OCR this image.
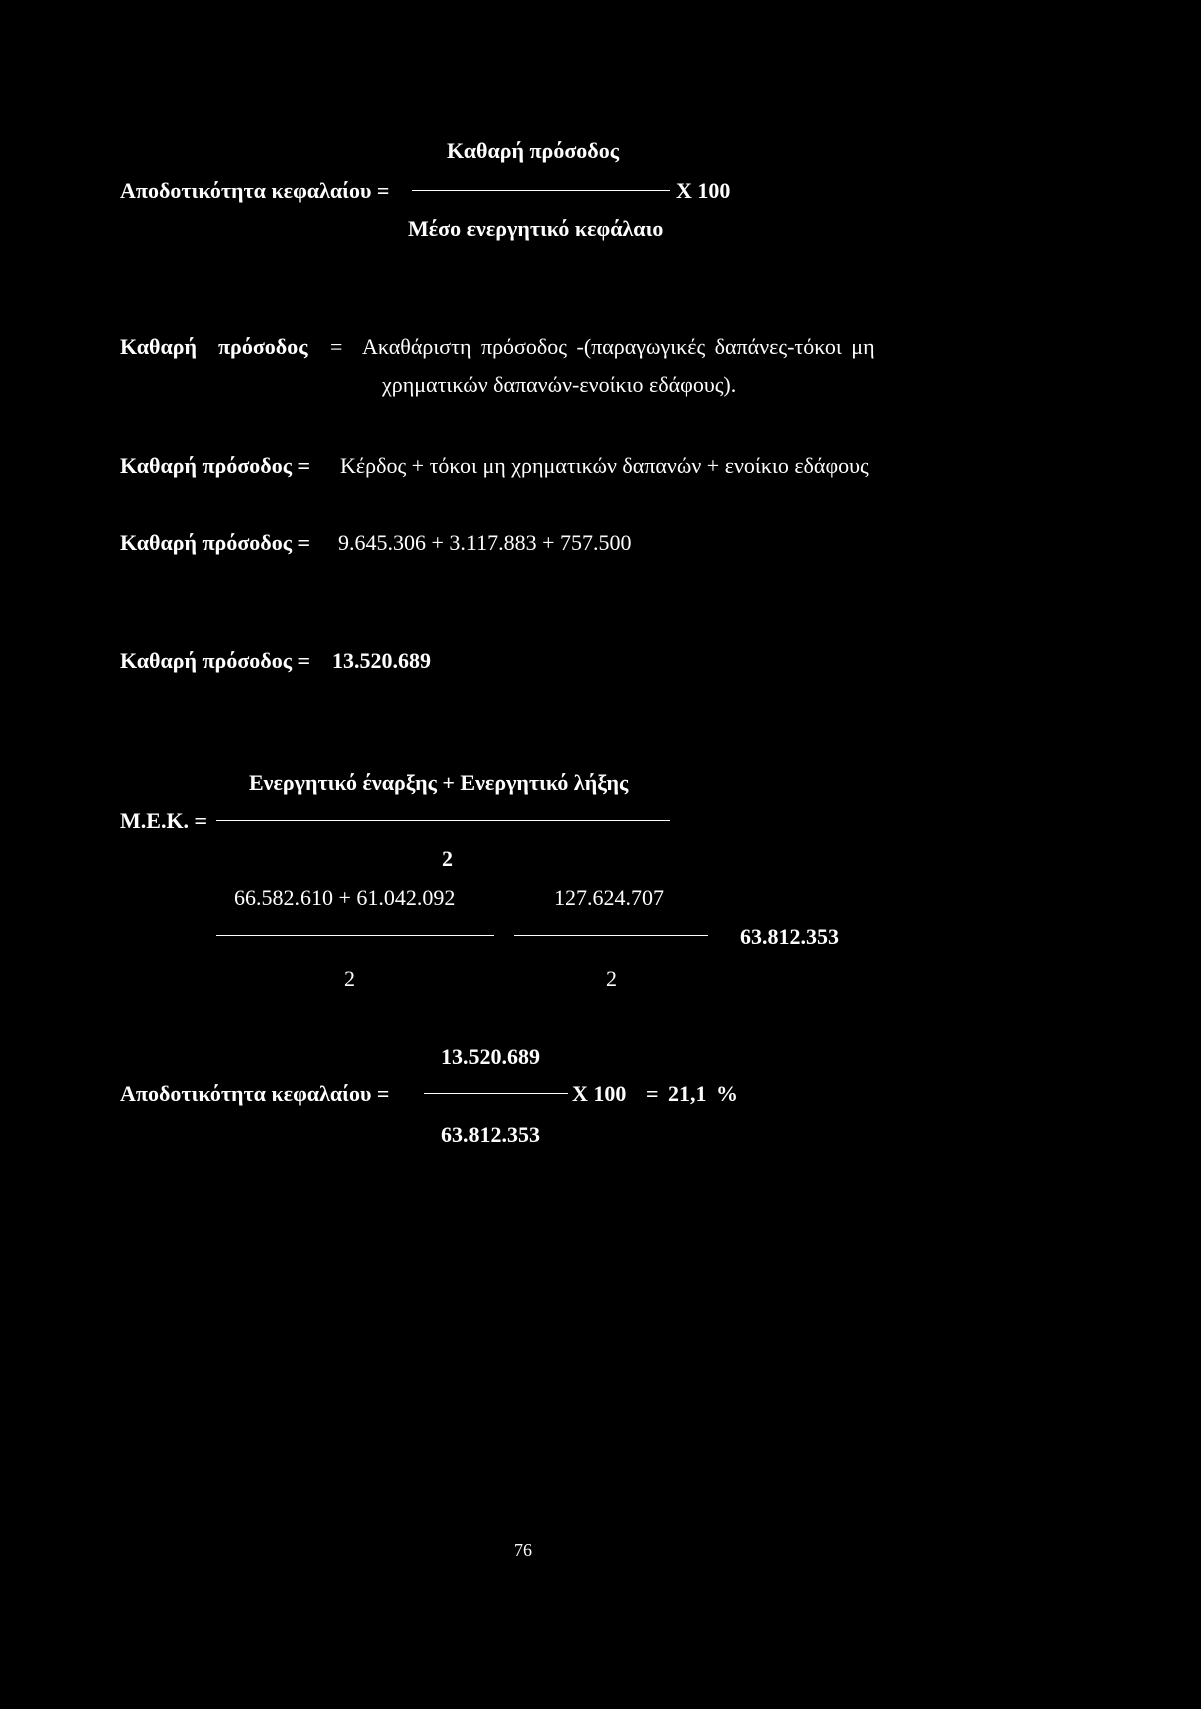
Καθαρή πρόσοδος
Αποδοτικότητα κεφαλαίου =	X 100
Μέσο ενεργητικό κεφάλαιο
Καθαρή πρόσοδος = Ακαθάριστη πρόσοδος -(παραγωγικές δαπάνες-τόκοι μη
χρηματικών δαπανών-ενοίκιο εδάφους).
Καθαρή πρόσοδος = Κέρδος + τόκοι μη χρηματικών δαπανών + ενοίκιο εδάφους
Καθαρή πρόσοδος = 9.645.306 + 3.117.883 + 757.500
Καθαρή πρόσοδος = 13.520.689
Ενεργητικό έναρξης + Ενεργητικό λήξης
Μ.Ε.Κ. =
2
66.582.610 + 61.042.092
2
127.624.707
2
63.812.353
13.520.689
Αποδοτικότητα κεφαλαίου =	X 100 = 21,1 %
63.812.353
76
